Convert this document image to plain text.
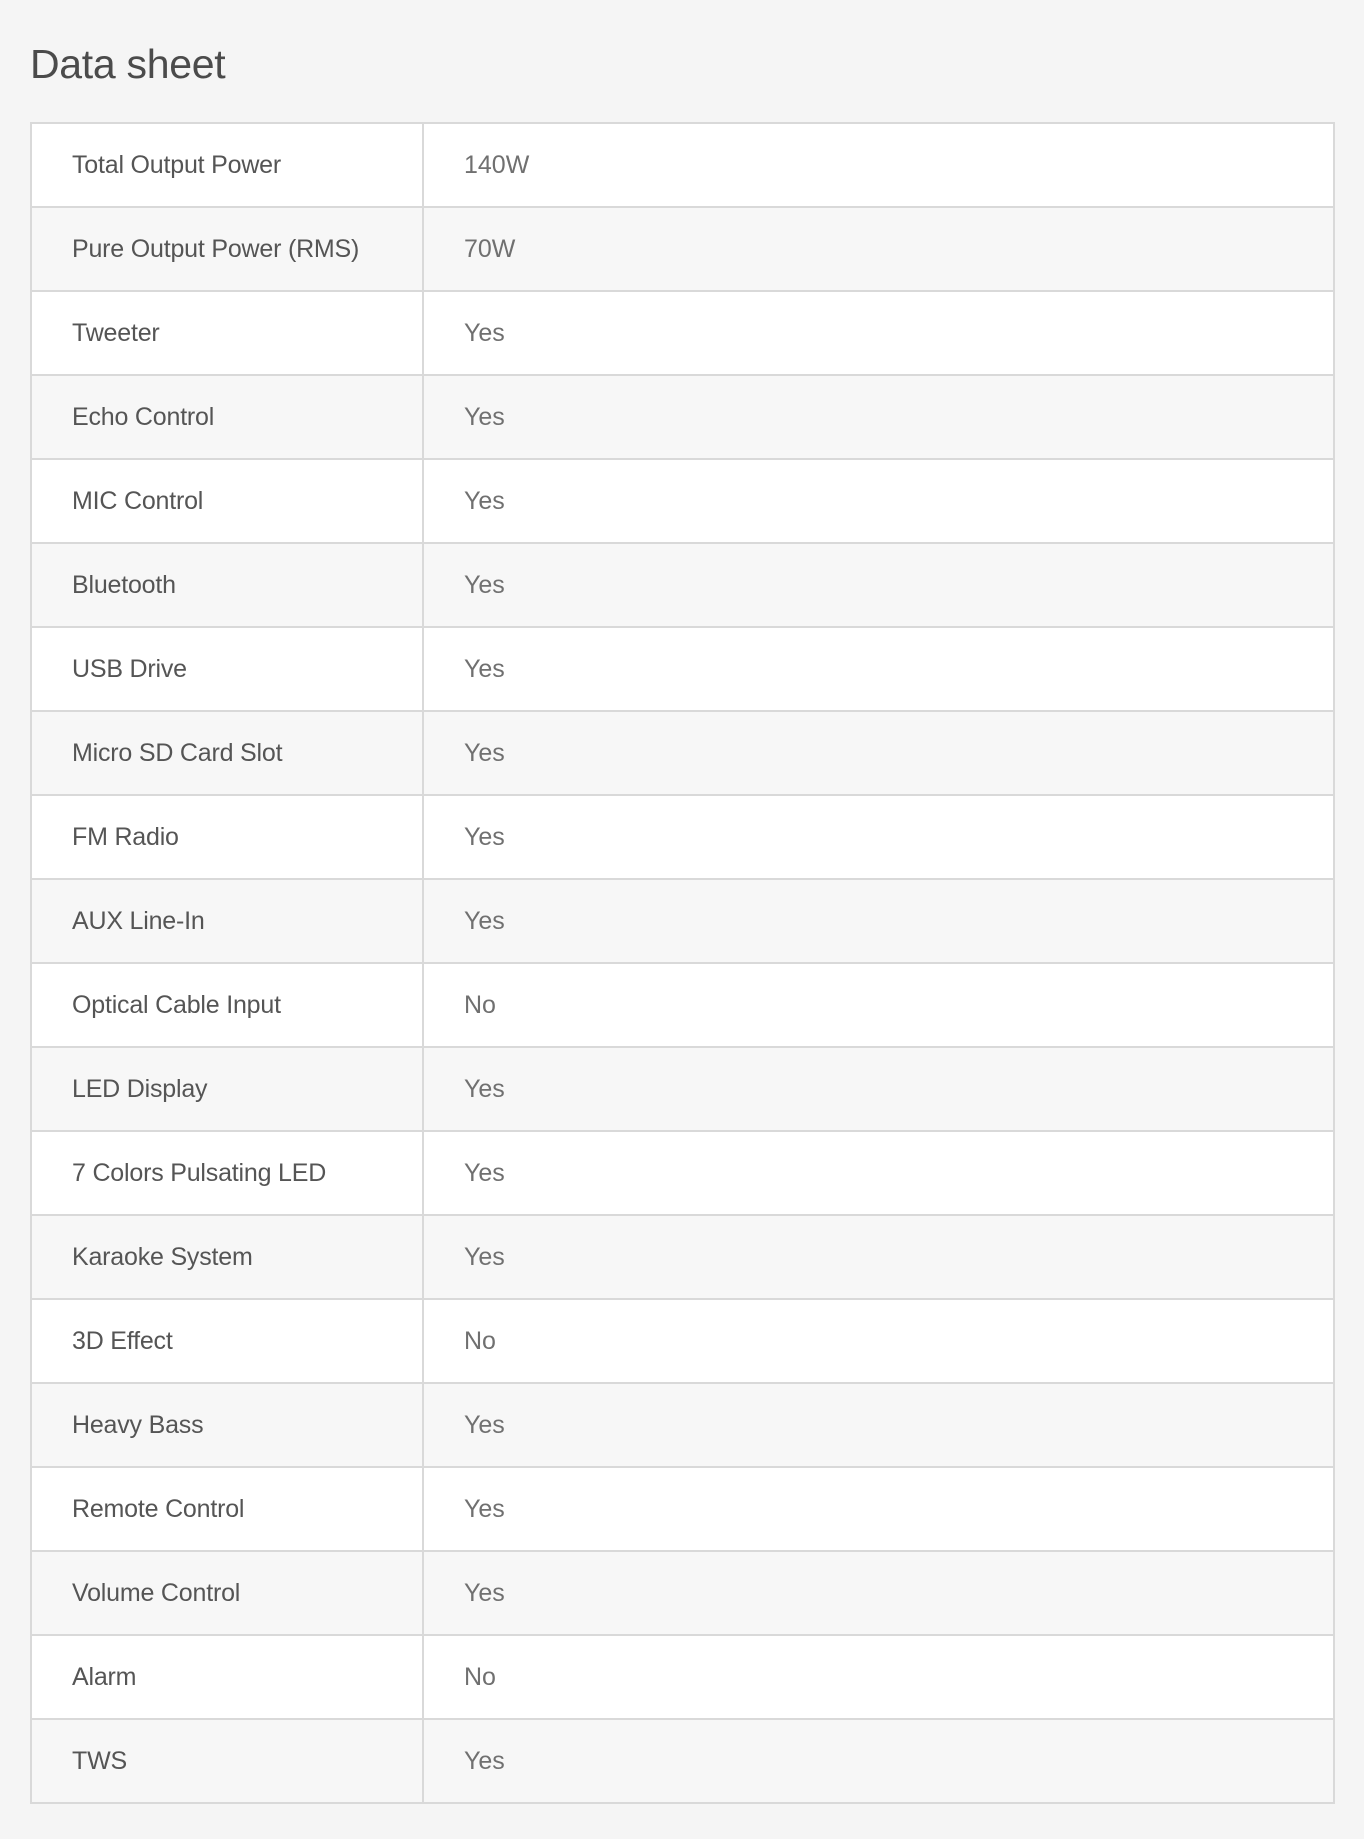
Data sheet
Total Output Power	140W
Pure Output Power (RMS)	70W
Tweeter	Yes
Echo Control	Yes
MIC Control	Yes
Bluetooth	Yes
USB Drive	Yes
Micro SD Card Slot	Yes
FM Radio	Yes
AUX Line-In	Yes
Optical Cable Input	No
LED Display	Yes
7 Colors Pulsating LED	Yes
Karaoke System	Yes
3D Effect	No
Heavy Bass	Yes
Remote Control	Yes
Volume Control	Yes
Alarm	No
TWS	Yes
